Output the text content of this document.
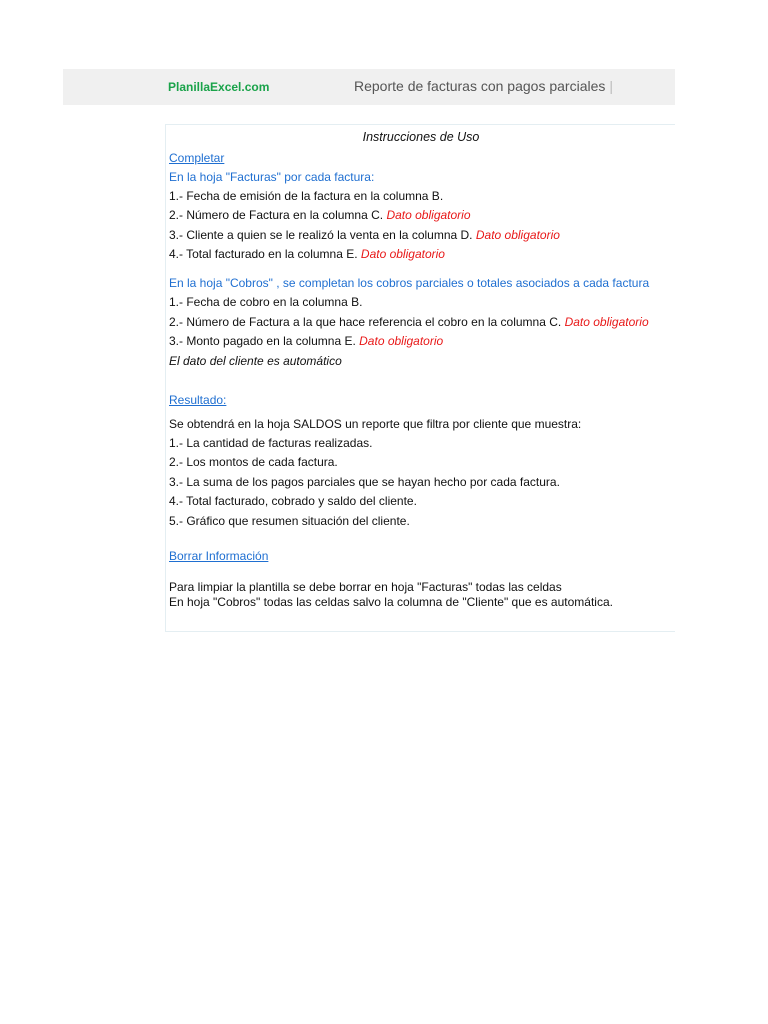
PlanillaExcel.com	Reporte de facturas con pagos parciales |
Instrucciones de Uso
Completar
En la hoja "Facturas" por cada factura:
1.- Fecha de emisión de la factura en la columna B.
2.- Número de Factura en la columna C. Dato obligatorio
3.- Cliente a quien se le realizó la venta en la columna D. Dato obligatorio
4.- Total facturado en la columna E. Dato obligatorio
En la hoja "Cobros" , se completan los cobros parciales o totales asociados a cada factura
1.- Fecha de cobro en la columna B.
2.- Número de Factura a la que hace referencia el cobro en la columna C. Dato obligatorio
3.- Monto pagado en la columna E. Dato obligatorio
El dato del cliente es automático
Resultado:
Se obtendrá en la hoja SALDOS un reporte que filtra por cliente que muestra:
1.- La cantidad de facturas realizadas.
2.- Los montos de cada factura.
3.- La suma de los pagos parciales que se hayan hecho por cada factura.
4.- Total facturado, cobrado y saldo del cliente.
5.- Gráfico que resumen situación del cliente.
Borrar Información
Para limpiar la plantilla se debe borrar en hoja "Facturas" todas las celdas
En hoja "Cobros" todas las celdas salvo la columna de "Cliente" que es automática.
